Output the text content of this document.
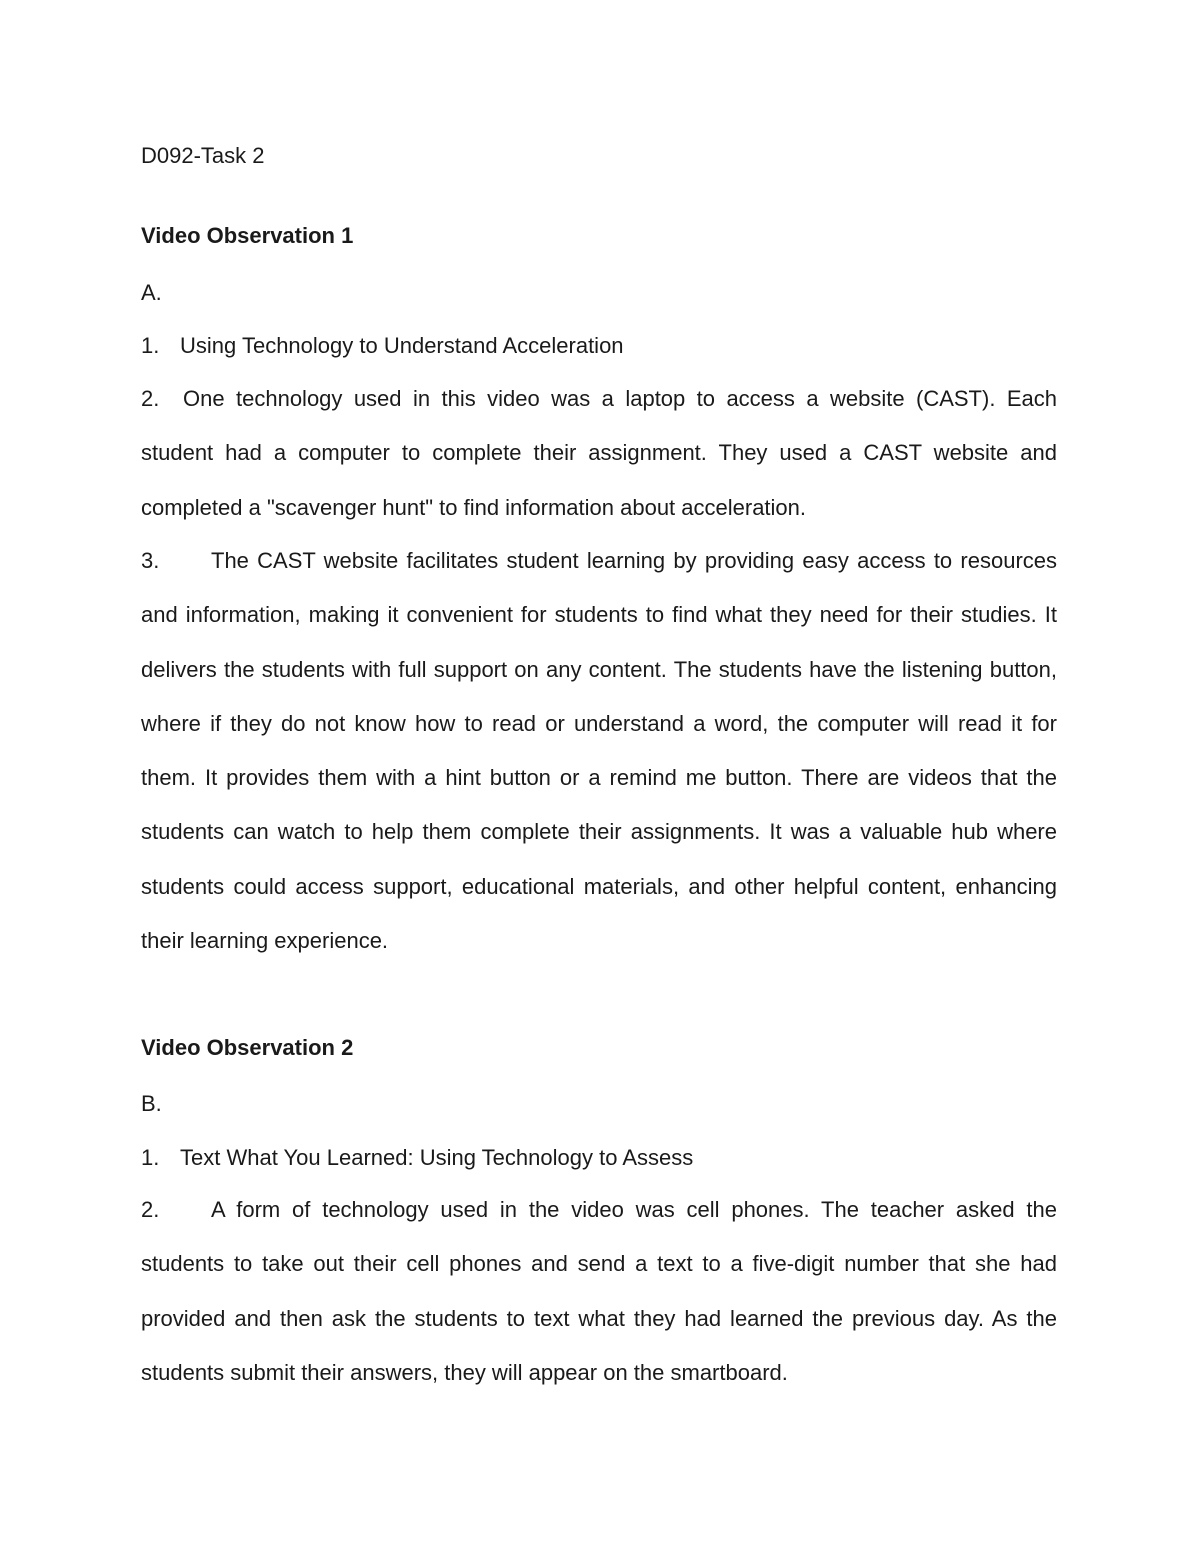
D092-Task 2
Video Observation 1
A.
1. Using Technology to Understand Acceleration
2. One technology used in this video was a laptop to access a website (CAST). Each student had a computer to complete their assignment. They used a CAST website and completed a "scavenger hunt" to find information about acceleration.
3. The CAST website facilitates student learning by providing easy access to resources and information, making it convenient for students to find what they need for their studies. It delivers the students with full support on any content. The students have the listening button, where if they do not know how to read or understand a word, the computer will read it for them. It provides them with a hint button or a remind me button. There are videos that the students can watch to help them complete their assignments. It was a valuable hub where students could access support, educational materials, and other helpful content, enhancing their learning experience.
Video Observation 2
B.
1. Text What You Learned: Using Technology to Assess
2. A form of technology used in the video was cell phones. The teacher asked the students to take out their cell phones and send a text to a five-digit number that she had provided and then ask the students to text what they had learned the previous day. As the students submit their answers, they will appear on the smartboard.
